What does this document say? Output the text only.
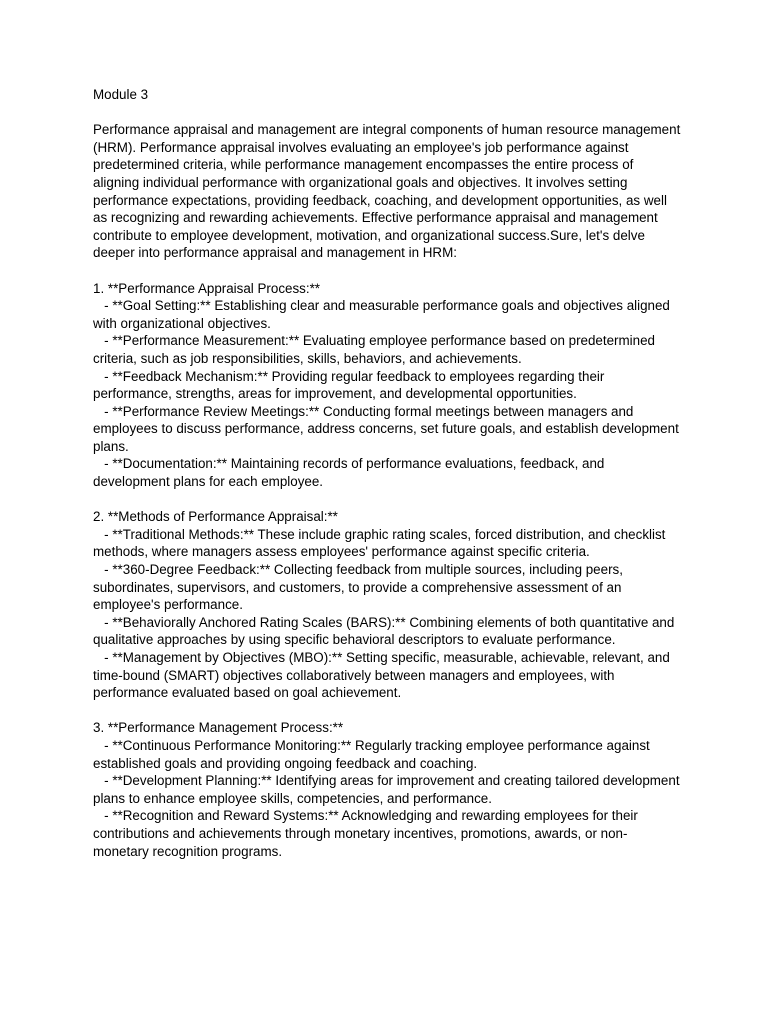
Module 3
Performance appraisal and management are integral components of human resource management (HRM). Performance appraisal involves evaluating an employee's job performance against predetermined criteria, while performance management encompasses the entire process of aligning individual performance with organizational goals and objectives. It involves setting performance expectations, providing feedback, coaching, and development opportunities, as well as recognizing and rewarding achievements. Effective performance appraisal and management contribute to employee development, motivation, and organizational success.Sure, let's delve deeper into performance appraisal and management in HRM:
1. **Performance Appraisal Process:**
- **Goal Setting:** Establishing clear and measurable performance goals and objectives aligned with organizational objectives.
- **Performance Measurement:** Evaluating employee performance based on predetermined criteria, such as job responsibilities, skills, behaviors, and achievements.
- **Feedback Mechanism:** Providing regular feedback to employees regarding their performance, strengths, areas for improvement, and developmental opportunities.
- **Performance Review Meetings:** Conducting formal meetings between managers and employees to discuss performance, address concerns, set future goals, and establish development plans.
- **Documentation:** Maintaining records of performance evaluations, feedback, and development plans for each employee.
2. **Methods of Performance Appraisal:**
- **Traditional Methods:** These include graphic rating scales, forced distribution, and checklist methods, where managers assess employees' performance against specific criteria.
- **360-Degree Feedback:** Collecting feedback from multiple sources, including peers, subordinates, supervisors, and customers, to provide a comprehensive assessment of an employee's performance.
- **Behaviorally Anchored Rating Scales (BARS):** Combining elements of both quantitative and qualitative approaches by using specific behavioral descriptors to evaluate performance.
- **Management by Objectives (MBO):** Setting specific, measurable, achievable, relevant, and time-bound (SMART) objectives collaboratively between managers and employees, with performance evaluated based on goal achievement.
3. **Performance Management Process:**
- **Continuous Performance Monitoring:** Regularly tracking employee performance against established goals and providing ongoing feedback and coaching.
- **Development Planning:** Identifying areas for improvement and creating tailored development plans to enhance employee skills, competencies, and performance.
- **Recognition and Reward Systems:** Acknowledging and rewarding employees for their contributions and achievements through monetary incentives, promotions, awards, or non-monetary recognition programs.
